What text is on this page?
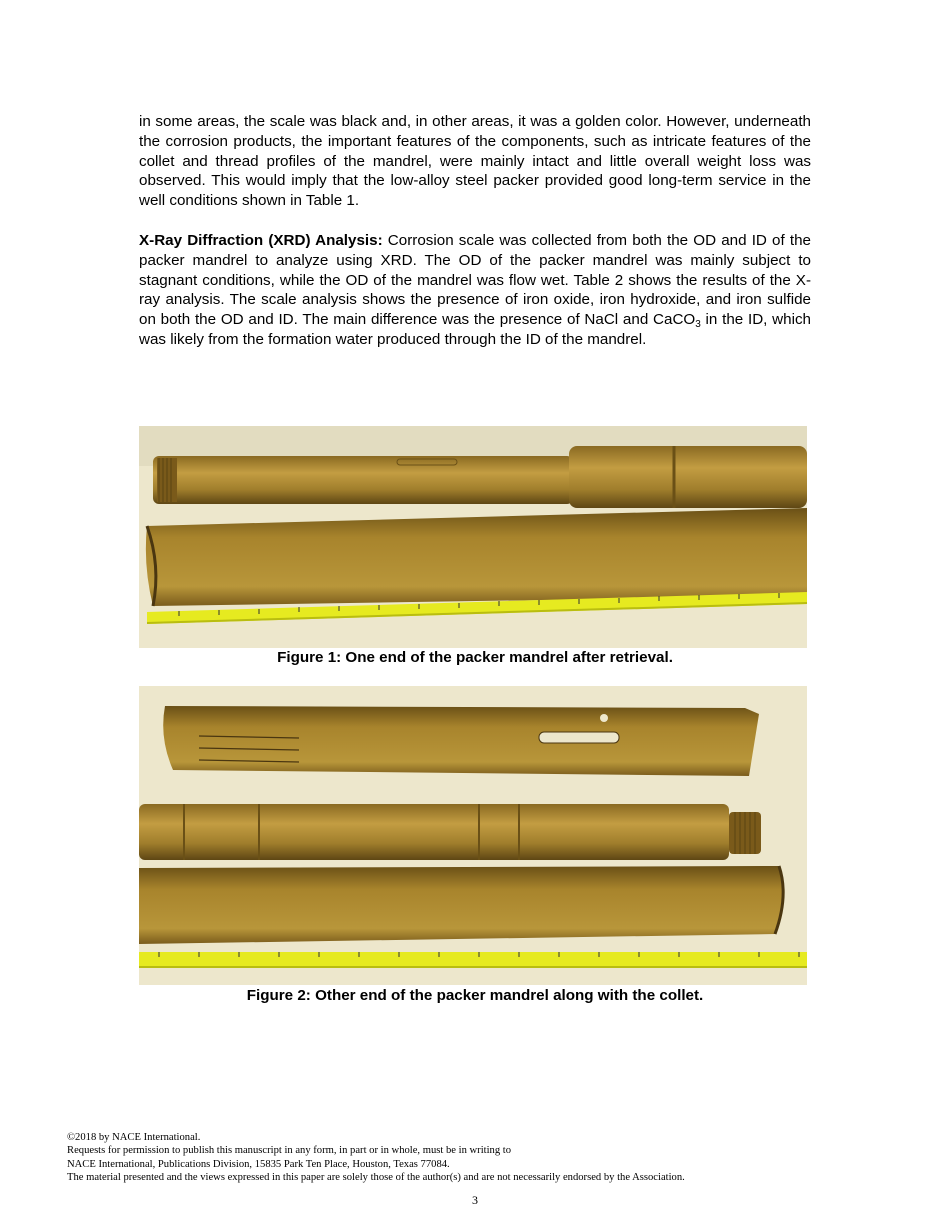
in some areas, the scale was black and, in other areas, it was a golden color. However, underneath the corrosion products, the important features of the components, such as intricate features of the collet and thread profiles of the mandrel, were mainly intact and little overall weight loss was observed. This would imply that the low-alloy steel packer provided good long-term service in the well conditions shown in Table 1.

X-Ray Diffraction (XRD) Analysis: Corrosion scale was collected from both the OD and ID of the packer mandrel to analyze using XRD. The OD of the packer mandrel was mainly subject to stagnant conditions, while the OD of the mandrel was flow wet. Table 2 shows the results of the X-ray analysis. The scale analysis shows the presence of iron oxide, iron hydroxide, and iron sulfide on both the OD and ID. The main difference was the presence of NaCl and CaCO$_3$ in the ID, which was likely from the formation water produced through the ID of the mandrel.

Figure 1: One end of the packer mandrel after retrieval.
Figure 2: Other end of the packer mandrel along with the collet.
©2018 by NACE International.
Requests for permission to publish this manuscript in any form, in part or in whole, must be in writing to
NACE International, Publications Division, 15835 Park Ten Place, Houston, Texas 77084.
The material presented and the views expressed in this paper are solely those of the author(s) and are not necessarily endorsed by the Association.
3
